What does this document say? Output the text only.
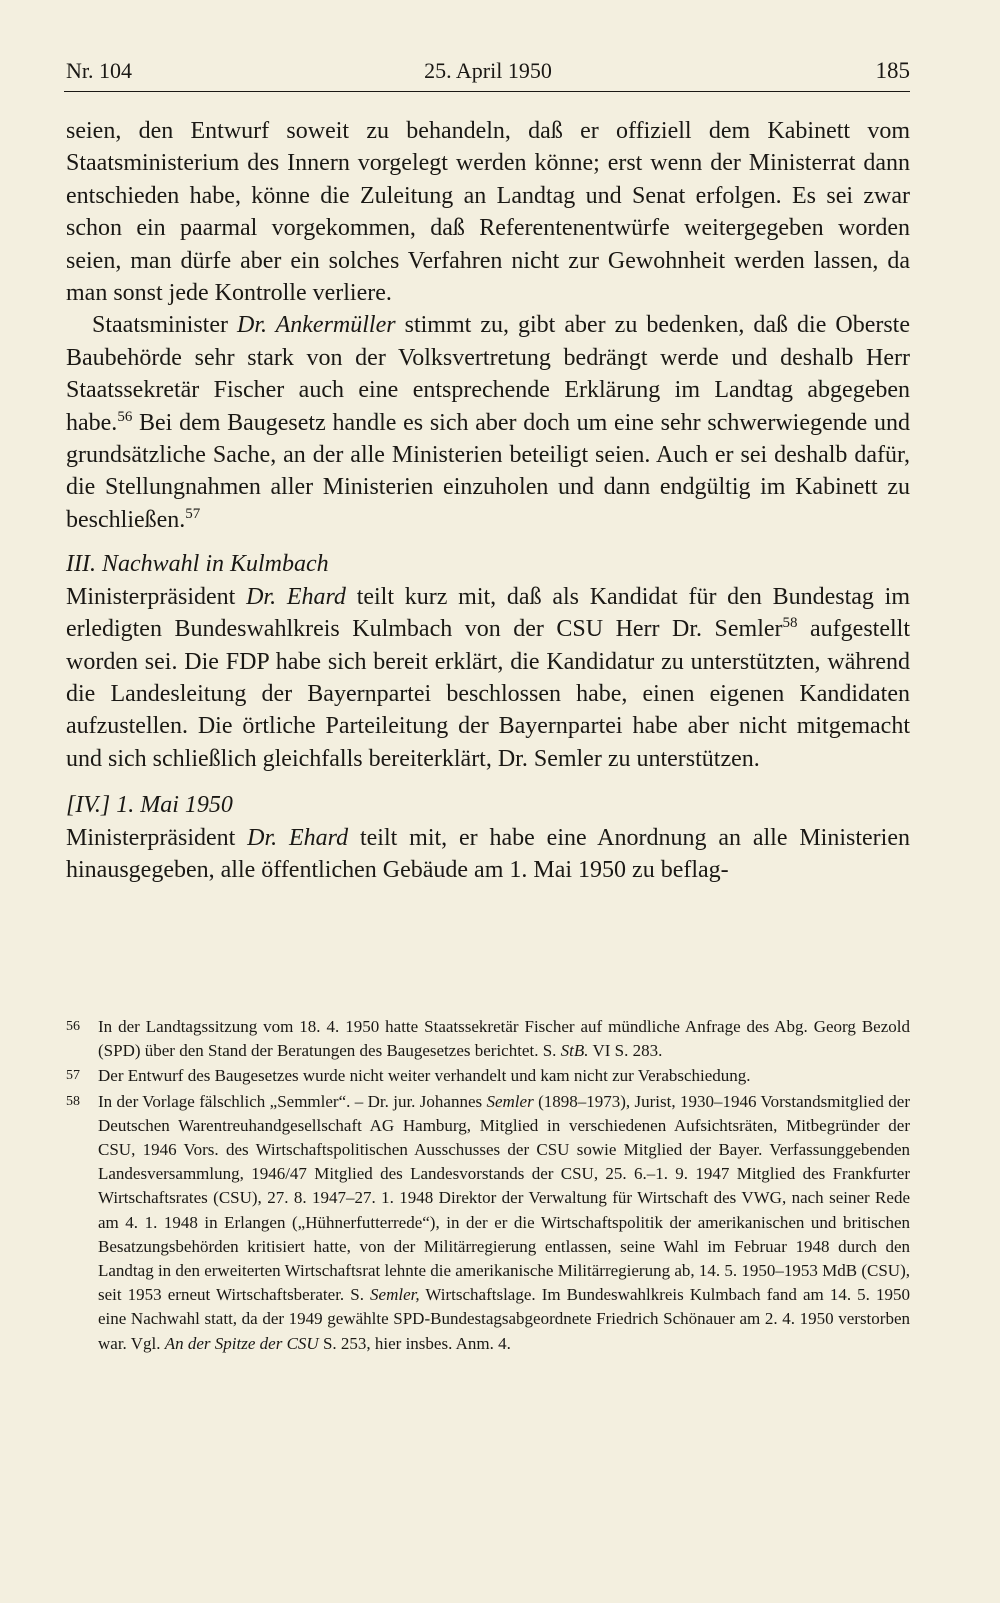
Nr. 104	25. April 1950	185

seien, den Entwurf soweit zu behandeln, daß er offiziell dem Kabinett vom Staatsministerium des Innern vorgelegt werden könne; erst wenn der Ministerrat dann entschieden habe, könne die Zuleitung an Landtag und Senat erfolgen. Es sei zwar schon ein paarmal vorgekommen, daß Referentenentwürfe weitergegeben worden seien, man dürfe aber ein solches Verfahren nicht zur Gewohnheit werden lassen, da man sonst jede Kontrolle verliere.

Staatsminister Dr. Ankermüller stimmt zu, gibt aber zu bedenken, daß die Oberste Baubehörde sehr stark von der Volksvertretung bedrängt werde und deshalb Herr Staatssekretär Fischer auch eine entsprechende Erklärung im Landtag abgegeben habe.$^{56}$ Bei dem Baugesetz handle es sich aber doch um eine sehr schwerwiegende und grundsätzliche Sache, an der alle Ministerien beteiligt seien. Auch er sei deshalb dafür, die Stellungnahmen aller Ministerien einzuholen und dann endgültig im Kabinett zu beschließen.$^{57}$

III. Nachwahl in Kulmbach

Ministerpräsident Dr. Ehard teilt kurz mit, daß als Kandidat für den Bundestag im erledigten Bundeswahlkreis Kulmbach von der CSU Herr Dr. Semler$^{58}$ aufgestellt worden sei. Die FDP habe sich bereit erklärt, die Kandidatur zu unterstützten, während die Landesleitung der Bayernpartei beschlossen habe, einen eigenen Kandidaten aufzustellen. Die örtliche Parteileitung der Bayernpartei habe aber nicht mitgemacht und sich schließlich gleichfalls bereiterklärt, Dr. Semler zu unterstützen.

[IV.] 1. Mai 1950

Ministerpräsident Dr. Ehard teilt mit, er habe eine Anordnung an alle Ministerien hinausgegeben, alle öffentlichen Gebäude am 1. Mai 1950 zu beflag-

56 In der Landtagssitzung vom 18. 4. 1950 hatte Staatssekretär Fischer auf mündliche Anfrage des Abg. Georg Bezold (SPD) über den Stand der Beratungen des Baugesetzes berichtet. S. StB. VI S. 283.
57 Der Entwurf des Baugesetzes wurde nicht weiter verhandelt und kam nicht zur Verabschiedung.
58 In der Vorlage fälschlich „Semmler“. – Dr. jur. Johannes Semler (1898–1973), Jurist, 1930–1946 Vorstandsmitglied der Deutschen Warentreuhandgesellschaft AG Hamburg, Mitglied in verschiedenen Aufsichtsräten, Mitbegründer der CSU, 1946 Vors. des Wirtschaftspolitischen Ausschusses der CSU sowie Mitglied der Bayer. Verfassunggebenden Landesversammlung, 1946/47 Mitglied des Landesvorstands der CSU, 25. 6.–1. 9. 1947 Mitglied des Frankfurter Wirtschaftsrates (CSU), 27. 8. 1947–27. 1. 1948 Direktor der Verwaltung für Wirtschaft des VWG, nach seiner Rede am 4. 1. 1948 in Erlangen („Hühnerfutterrede“), in der er die Wirtschaftspolitik der amerikanischen und britischen Besatzungsbehörden kritisiert hatte, von der Militärregierung entlassen, seine Wahl im Februar 1948 durch den Landtag in den erweiterten Wirtschaftsrat lehnte die amerikanische Militärregierung ab, 14. 5. 1950–1953 MdB (CSU), seit 1953 erneut Wirtschaftsberater. S. Semler, Wirtschaftslage. Im Bundeswahlkreis Kulmbach fand am 14. 5. 1950 eine Nachwahl statt, da der 1949 gewählte SPD-Bundestagsabgeordnete Friedrich Schönauer am 2. 4. 1950 verstorben war. Vgl. An der Spitze der CSU S. 253, hier insbes. Anm. 4.
